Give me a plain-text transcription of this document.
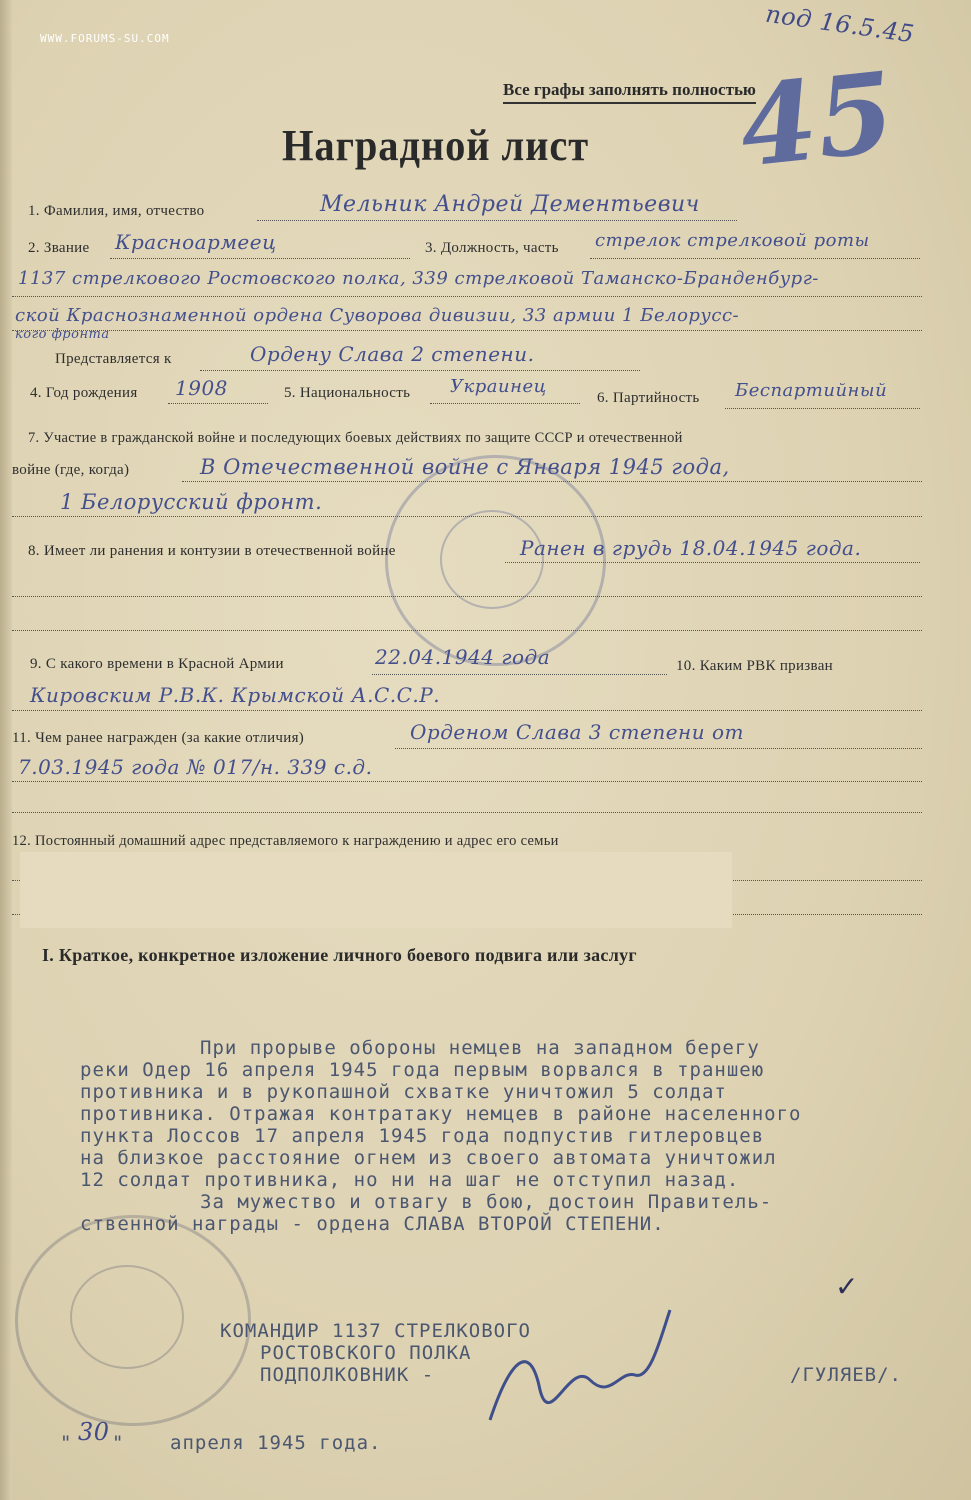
WWW.FORUMS-SU.COM	под 16.5.45
45
Все графы заполнять полностью
Наградной лист
1. Фамилия, имя, отчество	Мельник Андрей Дементьевич
2. Звание Красноармеец	3. Должность, часть стрелок стрелковой роты
1137 стрелкового Ростовского полка, 339 стрелковой Таманско-Бранденбург-
ской Краснознаменной ордена Суворова дивизии, 33 армии 1 Белорусс-
кого фронта
Представляется к	Ордену Слава 2 степени.
4. Год рождения 1908	5. Национальность Украинец
6. Партийность Беспартийный
7. Участие в гражданской войне и последующих боевых действиях по защите СССР и отечественной
войне (где, когда)	В Отечественной войне с Января 1945 года,
1 Белорусский фронт.
8. Имеет ли ранения и контузии в отечественной войне	Ранен в грудь 18.04.1945 года.
9. С какого времени в Красной Армии	22.04.1944 года	10. Каким РВК призван
Кировским Р.В.К. Крымской А.С.С.Р.
11. Чем ранее награжден (за какие отличия)	Орденом Слава 3 степени от
7.03.1945 года № 017/н. 339 с.д.
12. Постоянный домашний адрес представляемого к награждению и адрес его семьи
I. Краткое, конкретное изложение личного боевого подвига или заслуг
При прорыве обороны немцев на западном берегу
реки Одер 16 апреля 1945 года первым ворвался в траншею
противника и в рукопашной схватке уничтожил 5 солдат
противника. Отражая контратаку немцев в районе населенного
пункта Лоссов 17 апреля 1945 года подпустив гитлеровцев
на близкое расстояние огнем из своего автомата уничтожил
12 солдат противника, но ни на шаг не отступил назад.
За мужество и отвагу в бою, достоин Правитель-
ственной награды - ордена СЛАВА ВТОРОЙ СТЕПЕНИ.
✓
КОМАНДИР 1137 СТРЕЛКОВОГО
РОСТОВСКОГО ПОЛКА
ПОДПОЛКОВНИК -	/ГУЛЯЕВ/.
" 30 " апреля 1945 года.
